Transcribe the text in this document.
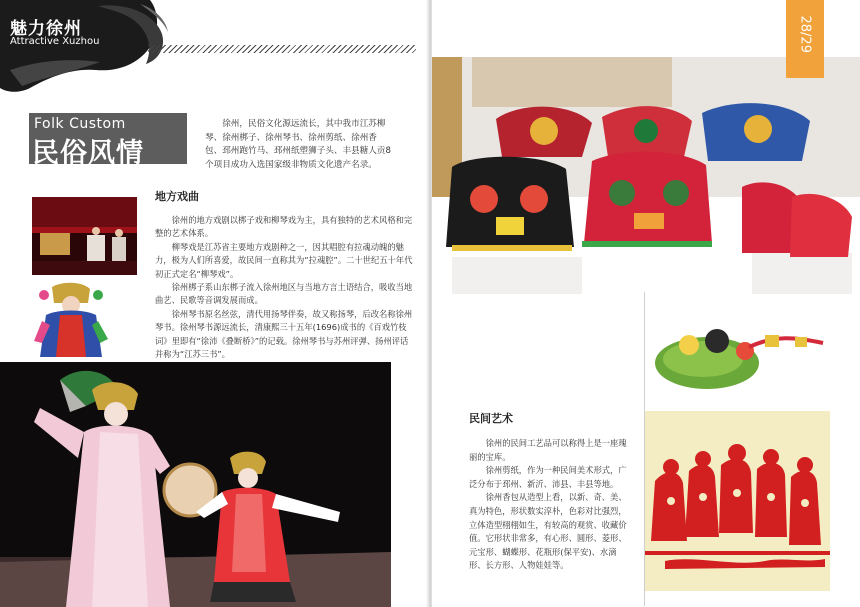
Folk Custom
民俗风情
徐州，民俗文化源远流长，其中我市江苏柳琴、徐州梆子、徐州琴书、徐州剪纸、徐州香包、邳州跑竹马、邳州纸塑狮子头、丰县糖人贡8个项目成功入选国家级非物质文化遗产名录。
地方戏曲

徐州的地方戏剧以梆子戏和柳琴戏为主，具有独特的艺术风格和完整的艺术体系。

柳琴戏是江苏省主要地方戏剧种之一，因其唱腔有拉魂动魄的魅力，极为人们所喜爱，故民间一直称其为“拉魂腔”。二十世纪五十年代初正式定名“柳琴戏”。

徐州梆子系山东梆子流入徐州地区与当地方言土语结合，吸收当地曲艺、民歌等音调发展而成。

徐州琴书原名丝弦，清代用扬琴伴奏，故又称扬琴，后改名称徐州琴书。徐州琴书源远流长，清康熙三十五年(1696)成书的《百戏竹枝词》里即有“徐沛《叠断桥》”的记载。徐州琴书与苏州评弹、扬州评话并称为“江苏三书”。

民间艺术

徐州的民间工艺品可以称得上是一座瑰丽的宝库。

徐州剪纸，作为一种民间美术形式，广泛分布于邳州、新沂、沛县、丰县等地。

徐州香包从造型上看，以新、奇、美、真为特色，形状数实淳朴，色彩对比强烈，立体造型栩栩如生，有较高的观赏、收藏价值。它形状非常多，有心形、圆形、菱形、元宝形、蝴蝶形、花瓶形(保平安)、水滴形、长方形、人物娃娃等。

魅力徐州
Attractive Xuzhou	28/29
